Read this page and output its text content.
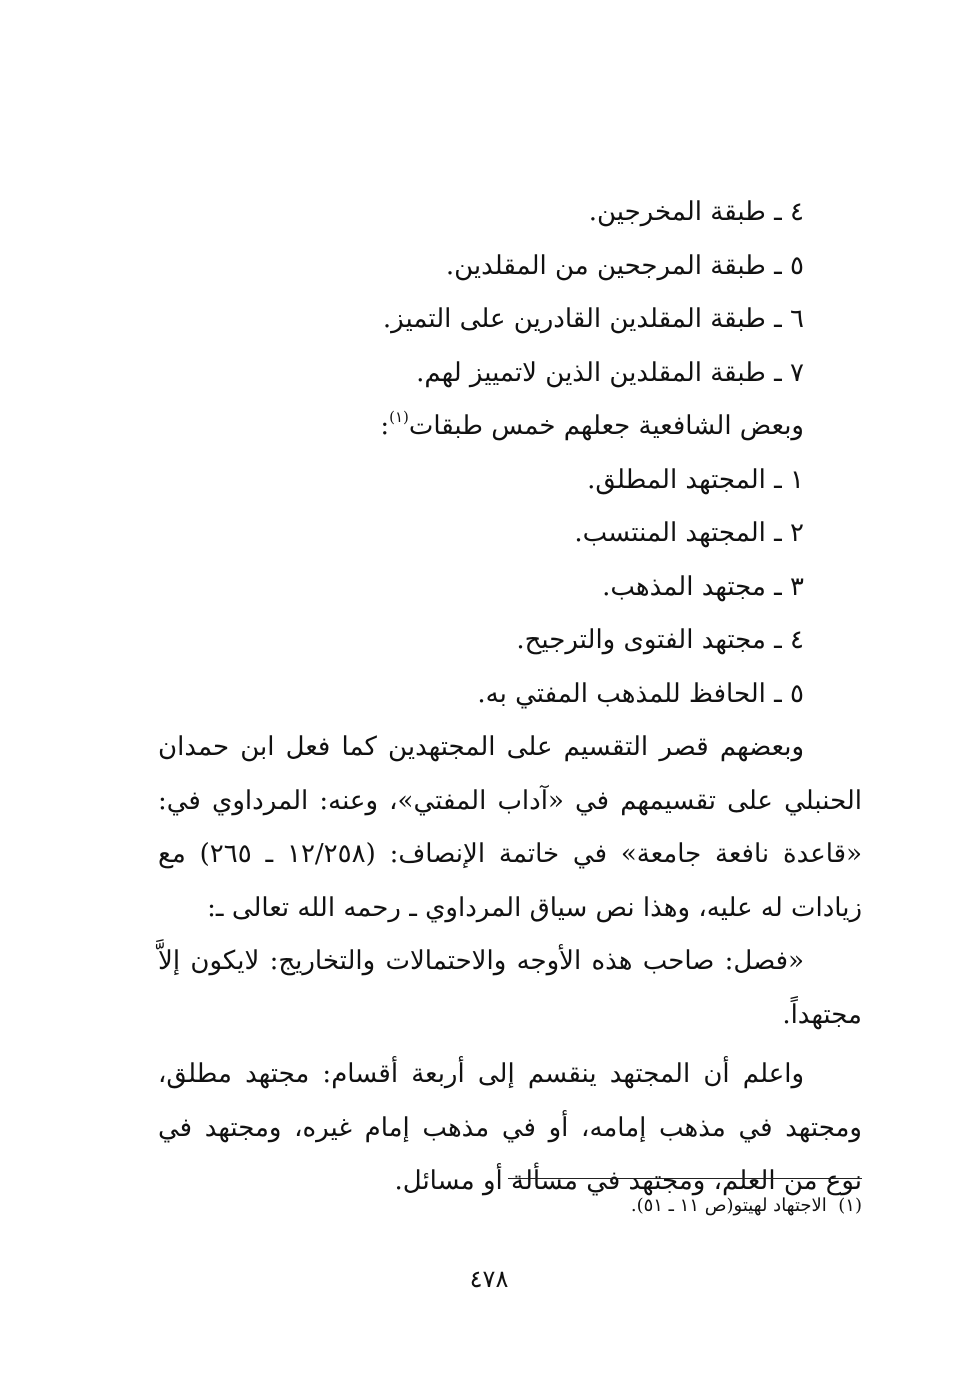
٤ ـ طبقة المخرجين.
٥ ـ طبقة المرجحين من المقلدين.
٦ ـ طبقة المقلدين القادرين على التميز.
٧ ـ طبقة المقلدين الذين لاتمييز لهم.
وبعض الشافعية جعلهم خمس طبقات$^{(١)}$:
١ ـ المجتهد المطلق.
٢ ـ المجتهد المنتسب.
٣ ـ مجتهد المذهب.
٤ ـ مجتهد الفتوى والترجيح.
٥ ـ الحافظ للمذهب المفتي به.
وبعضهم قصر التقسيم على المجتهدين كما فعل ابن حمدان الحنبلي على تقسيمهم في «آداب المفتي»، وعنه: المرداوي في: «قاعدة نافعة جامعة» في خاتمة الإنصاف: (١٢/٢٥٨ ـ ٢٦٥) مع زيادات له عليه، وهذا نص سياق المرداوي ـ رحمه الله تعالى ـ:
«فصل: صاحب هذه الأوجه والاحتمالات والتخاريج: لايكون إلاَّ مجتهداً.
واعلم أن المجتهد ينقسم إلى أربعة أقسام: مجتهد مطلق، ومجتهد في مذهب إمامه، أو في مذهب إمام غيره، ومجتهد في نوع من العلم، ومجتهد في مسألة أو مسائل.
(١)  الاجتهاد لهيتو(ص ١١ ـ ٥١).
٤٧٨
